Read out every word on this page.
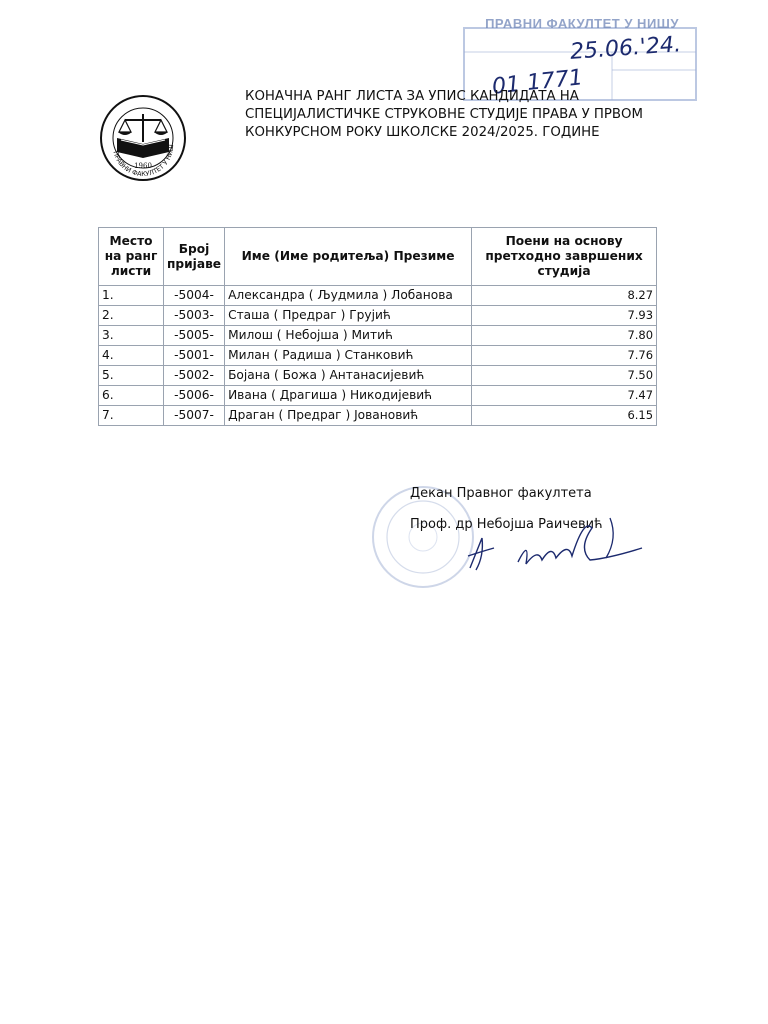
ПРАВНИ ФАКУЛТЕТ У НИШУ
25.06.'24.
01 1771
ПРАВНИ ФАКУЛТЕТ У НИШ
1960
КОНАЧНА РАНГ ЛИСТА ЗА УПИС КАНДИДАТА НА
СПЕЦИЈАЛИСТИЧКЕ СТРУКОВНЕ СТУДИЈЕ ПРАВА У ПРВОМ
КОНКУРСНОМ РОКУ ШКОЛСКЕ 2024/2025. ГОДИНЕ
Место на ранг листи	Број пријаве	Име (Име родитеља) Презиме	Поени на основу претходно завршених студија
1.	-5004-	Александра ( Људмила ) Лобанова	8.27
2.	-5003-	Сташа ( Предраг ) Грујић	7.93
3.	-5005-	Милош ( Небојша ) Митић	7.80
4.	-5001-	Милан ( Радиша ) Станковић	7.76
5.	-5002-	Бојана ( Божа ) Антанасијевић	7.50
6.	-5006-	Ивана ( Драгиша ) Никодијевић	7.47
7.	-5007-	Драган ( Предраг ) Јовановић	6.15
Декан Правног факултета
Проф. др Небојша Раичевић
